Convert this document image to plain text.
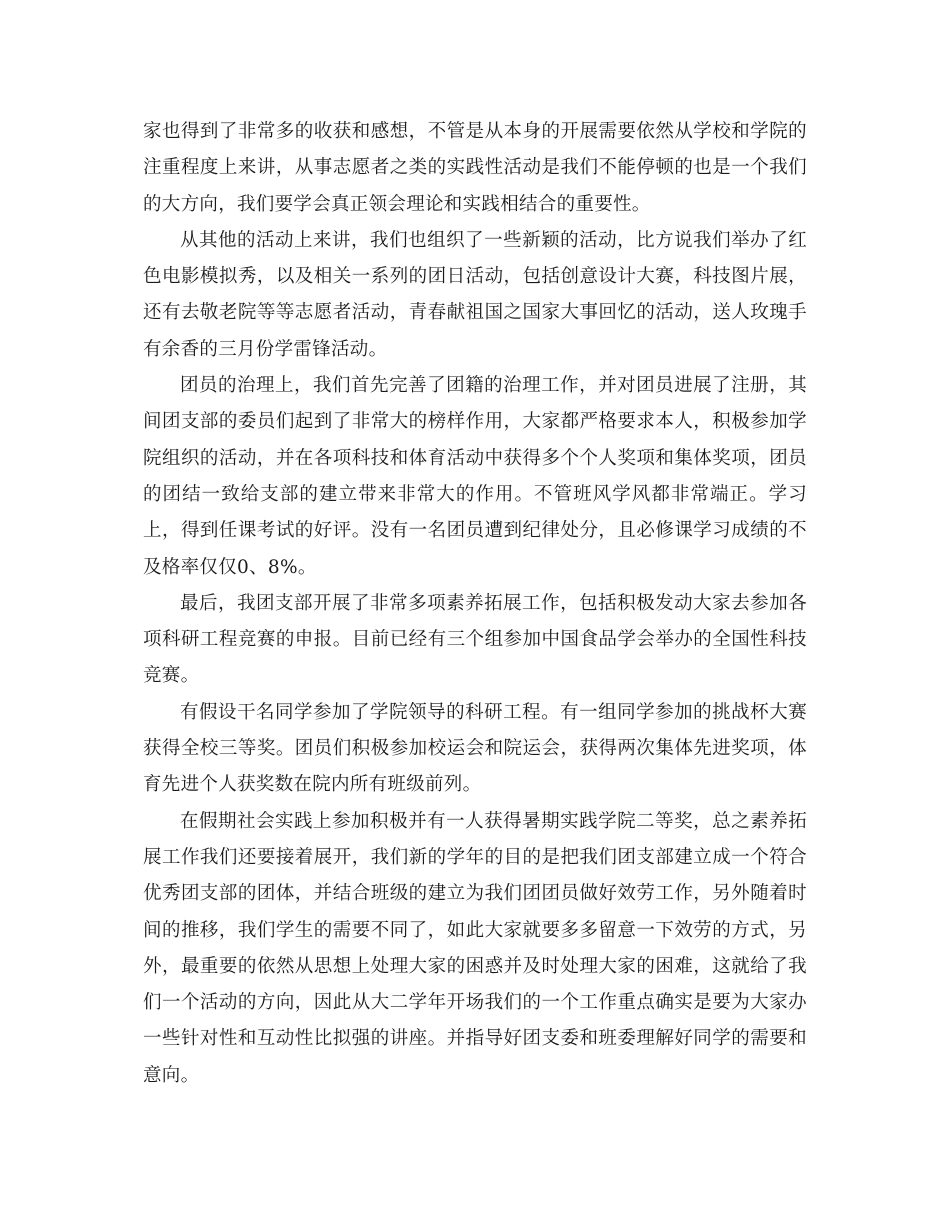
家也得到了非常多的收获和感想，不管是从本身的开展需要依然从学校和学院的注重程度上来讲，从事志愿者之类的实践性活动是我们不能停顿的也是一个我们的大方向，我们要学会真正领会理论和实践相结合的重要性。

从其他的活动上来讲，我们也组织了一些新颖的活动，比方说我们举办了红色电影模拟秀，以及相关一系列的团日活动，包括创意设计大赛，科技图片展，还有去敬老院等等志愿者活动，青春献祖国之国家大事回忆的活动，送人玫瑰手有余香的三月份学雷锋活动。

团员的治理上，我们首先完善了团籍的治理工作，并对团员进展了注册，其间团支部的委员们起到了非常大的榜样作用，大家都严格要求本人，积极参加学院组织的活动，并在各项科技和体育活动中获得多个个人奖项和集体奖项，团员的团结一致给支部的建立带来非常大的作用。不管班风学风都非常端正。学习上，得到任课考试的好评。没有一名团员遭到纪律处分，且必修课学习成绩的不及格率仅仅0、8%。

最后，我团支部开展了非常多项素养拓展工作，包括积极发动大家去参加各项科研工程竞赛的申报。目前已经有三个组参加中国食品学会举办的全国性科技竞赛。

有假设干名同学参加了学院领导的科研工程。有一组同学参加的挑战杯大赛获得全校三等奖。团员们积极参加校运会和院运会，获得两次集体先进奖项，体育先进个人获奖数在院内所有班级前列。

在假期社会实践上参加积极并有一人获得暑期实践学院二等奖，总之素养拓展工作我们还要接着展开，我们新的学年的目的是把我们团支部建立成一个符合优秀团支部的团体，并结合班级的建立为我们团团员做好效劳工作，另外随着时间的推移，我们学生的需要不同了，如此大家就要多多留意一下效劳的方式，另外，最重要的依然从思想上处理大家的困惑并及时处理大家的困难，这就给了我们一个活动的方向，因此从大二学年开场我们的一个工作重点确实是要为大家办一些针对性和互动性比拟强的讲座。并指导好团支委和班委理解好同学的需要和意向。
